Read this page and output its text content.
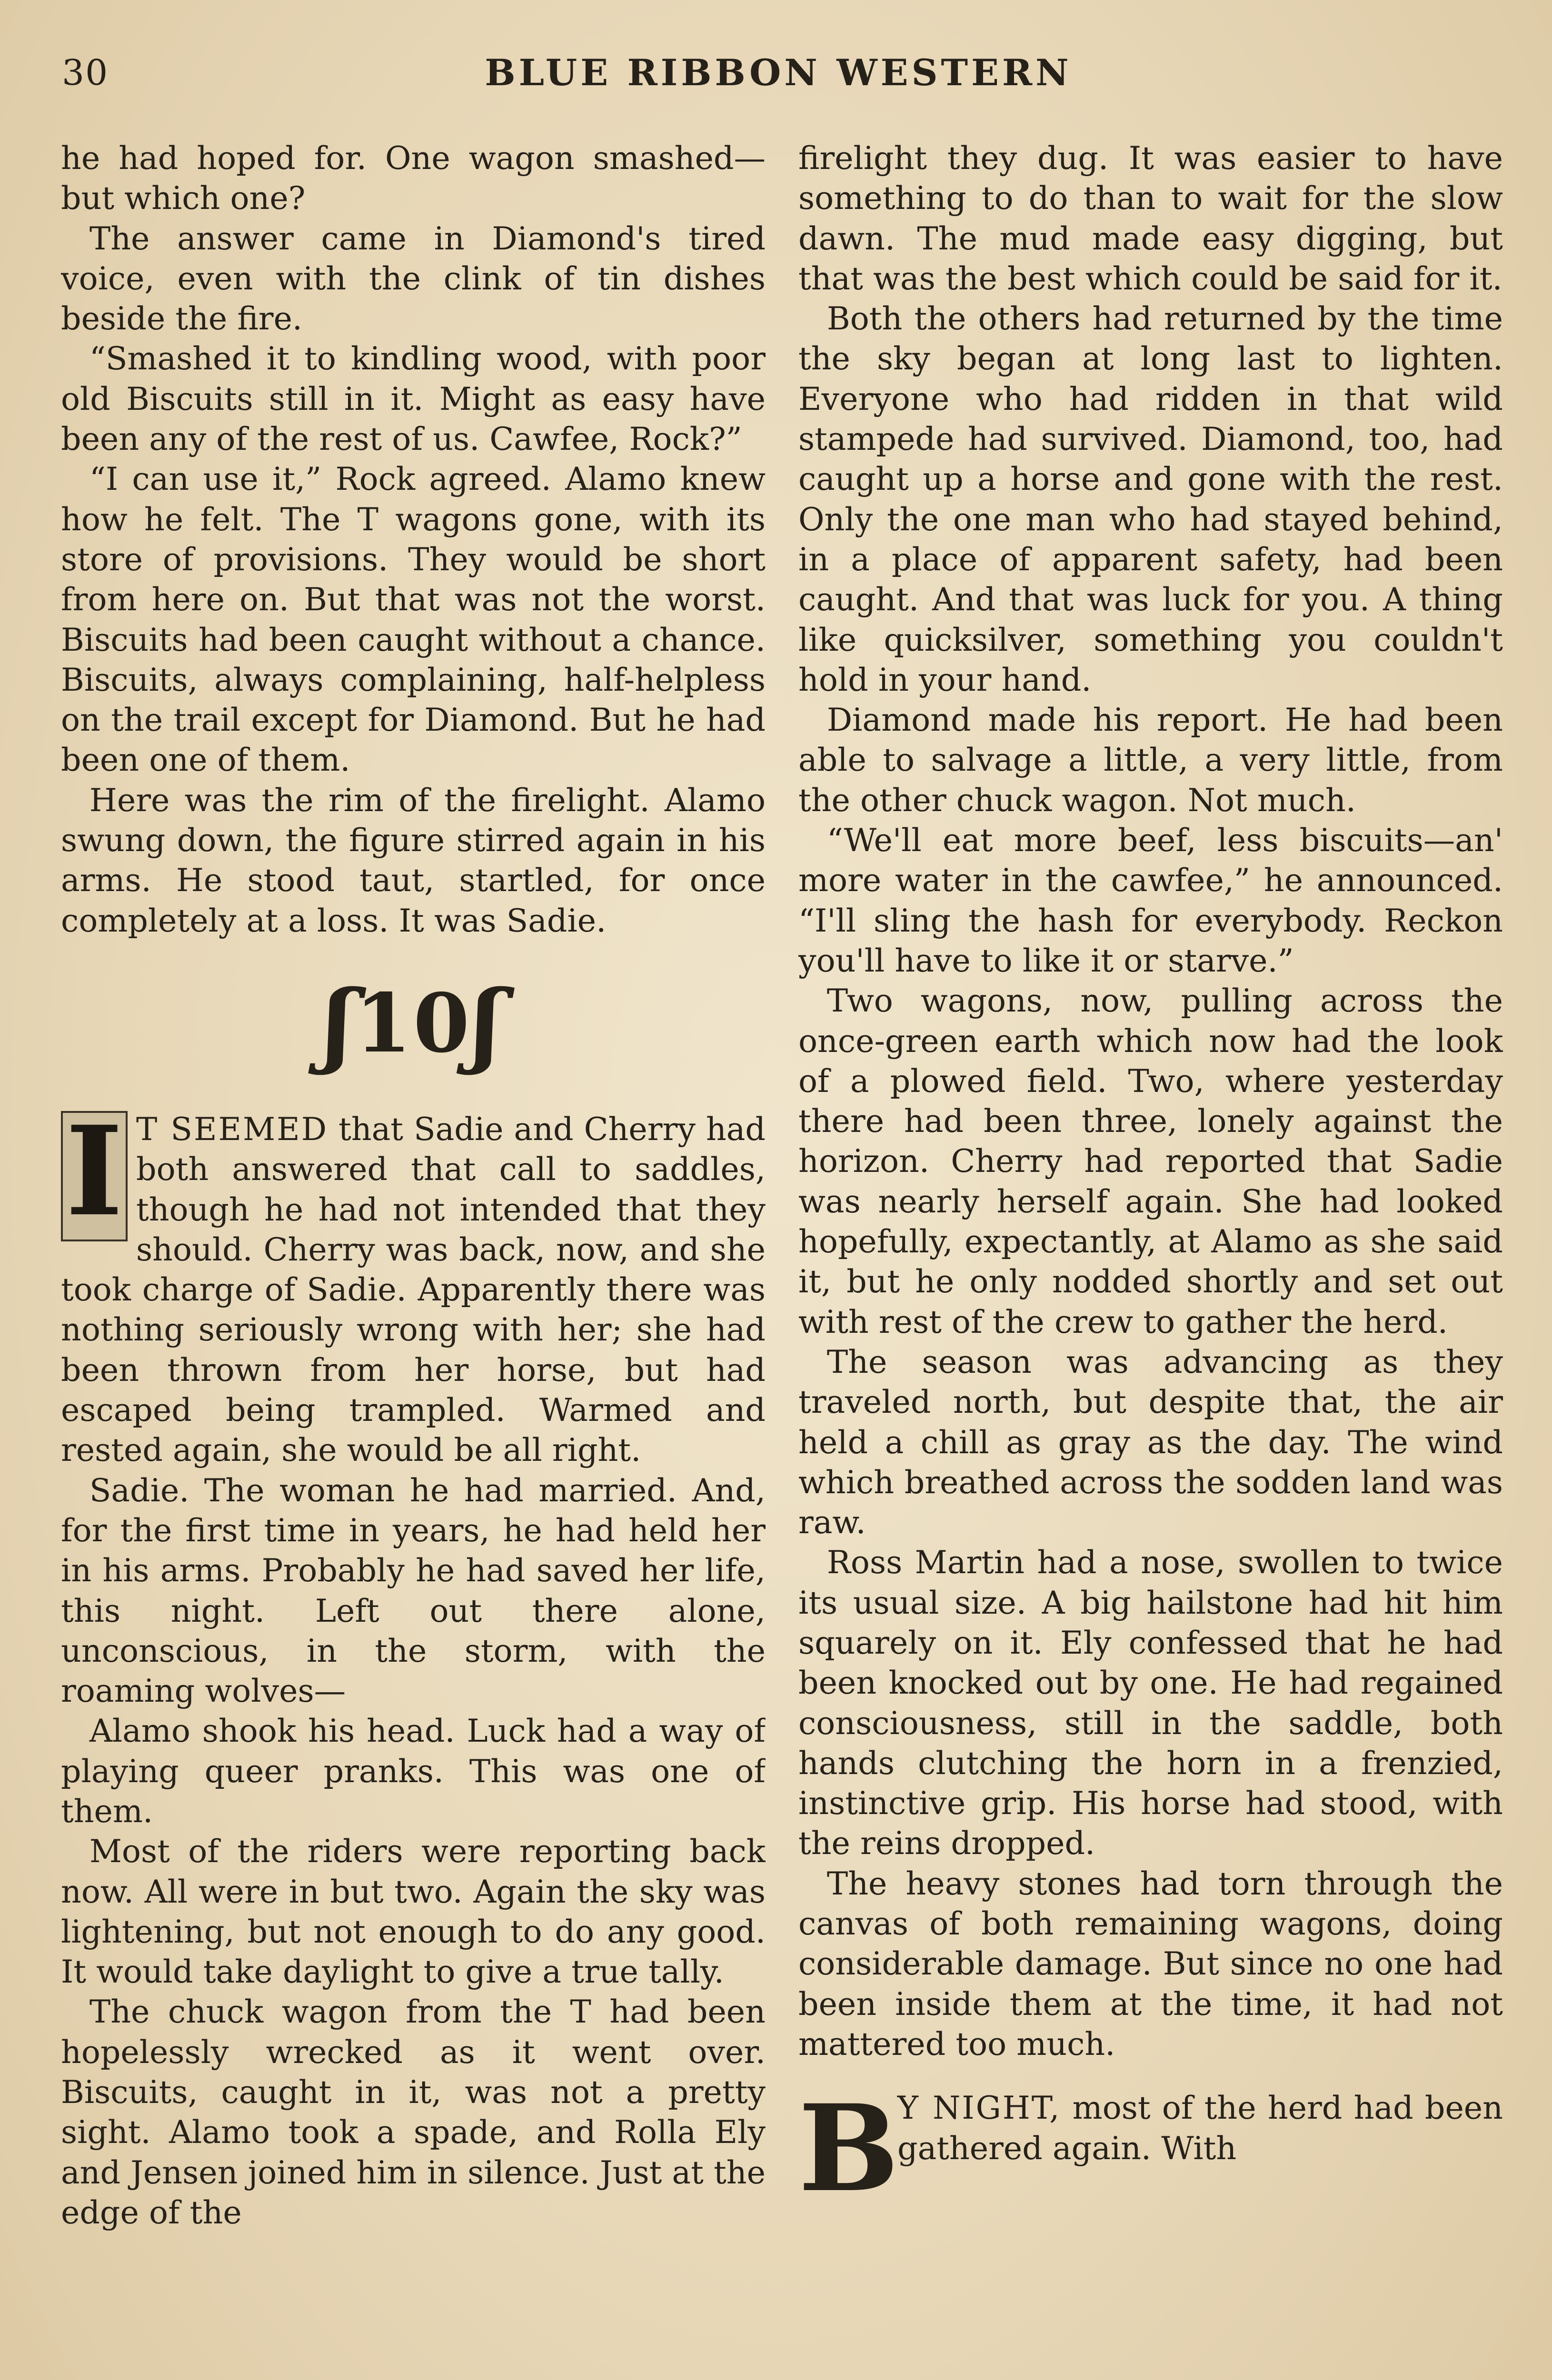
30	BLUE RIBBON WESTERN

he had hoped for. One wagon smashed—but which one?

The answer came in Diamond's tired voice, even with the clink of tin dishes beside the fire.

“Smashed it to kindling wood, with poor old Biscuits still in it. Might as easy have been any of the rest of us. Cawfee, Rock?”

“I can use it,” Rock agreed. Alamo knew how he felt. The T wagons gone, with its store of provisions. They would be short from here on. But that was not the worst. Biscuits had been caught without a chance. Biscuits, always complaining, half-helpless on the trail except for Diamond. But he had been one of them.

Here was the rim of the firelight. Alamo swung down, the figure stirred again in his arms. He stood taut, startled, for once completely at a loss. It was Sadie.

ʃ 10 ʃ

I T SEEMED that Sadie and Cherry had both answered that call to saddles, though he had not intended that they should. Cherry was back, now, and she took charge of Sadie. Apparently there was nothing seriously wrong with her; she had been thrown from her horse, but had escaped being trampled. Warmed and rested again, she would be all right.

Sadie. The woman he had married. And, for the first time in years, he had held her in his arms. Probably he had saved her life, this night. Left out there alone, unconscious, in the storm, with the roaming wolves—

Alamo shook his head. Luck had a way of playing queer pranks. This was one of them.

Most of the riders were reporting back now. All were in but two. Again the sky was lightening, but not enough to do any good. It would take daylight to give a true tally.

The chuck wagon from the T had been hopelessly wrecked as it went over. Biscuits, caught in it, was not a pretty sight. Alamo took a spade, and Rolla Ely and Jensen joined him in silence. Just at the edge of the

firelight they dug. It was easier to have something to do than to wait for the slow dawn. The mud made easy digging, but that was the best which could be said for it.

Both the others had returned by the time the sky began at long last to lighten. Everyone who had ridden in that wild stampede had survived. Diamond, too, had caught up a horse and gone with the rest. Only the one man who had stayed behind, in a place of apparent safety, had been caught. And that was luck for you. A thing like quicksilver, something you couldn't hold in your hand.

Diamond made his report. He had been able to salvage a little, a very little, from the other chuck wagon. Not much.

“We'll eat more beef, less biscuits—an' more water in the cawfee,” he announced. “I'll sling the hash for everybody. Reckon you'll have to like it or starve.”

Two wagons, now, pulling across the once-green earth which now had the look of a plowed field. Two, where yesterday there had been three, lonely against the horizon. Cherry had reported that Sadie was nearly herself again. She had looked hopefully, expectantly, at Alamo as she said it, but he only nodded shortly and set out with rest of the crew to gather the herd.

The season was advancing as they traveled north, but despite that, the air held a chill as gray as the day. The wind which breathed across the sodden land was raw.

Ross Martin had a nose, swollen to twice its usual size. A big hailstone had hit him squarely on it. Ely confessed that he had been knocked out by one. He had regained consciousness, still in the saddle, both hands clutching the horn in a frenzied, instinctive grip. His horse had stood, with the reins dropped.

The heavy stones had torn through the canvas of both remaining wagons, doing considerable damage. But since no one had been inside them at the time, it had not mattered too much.

B
Y NIGHT, most of the herd had been gathered again. With
